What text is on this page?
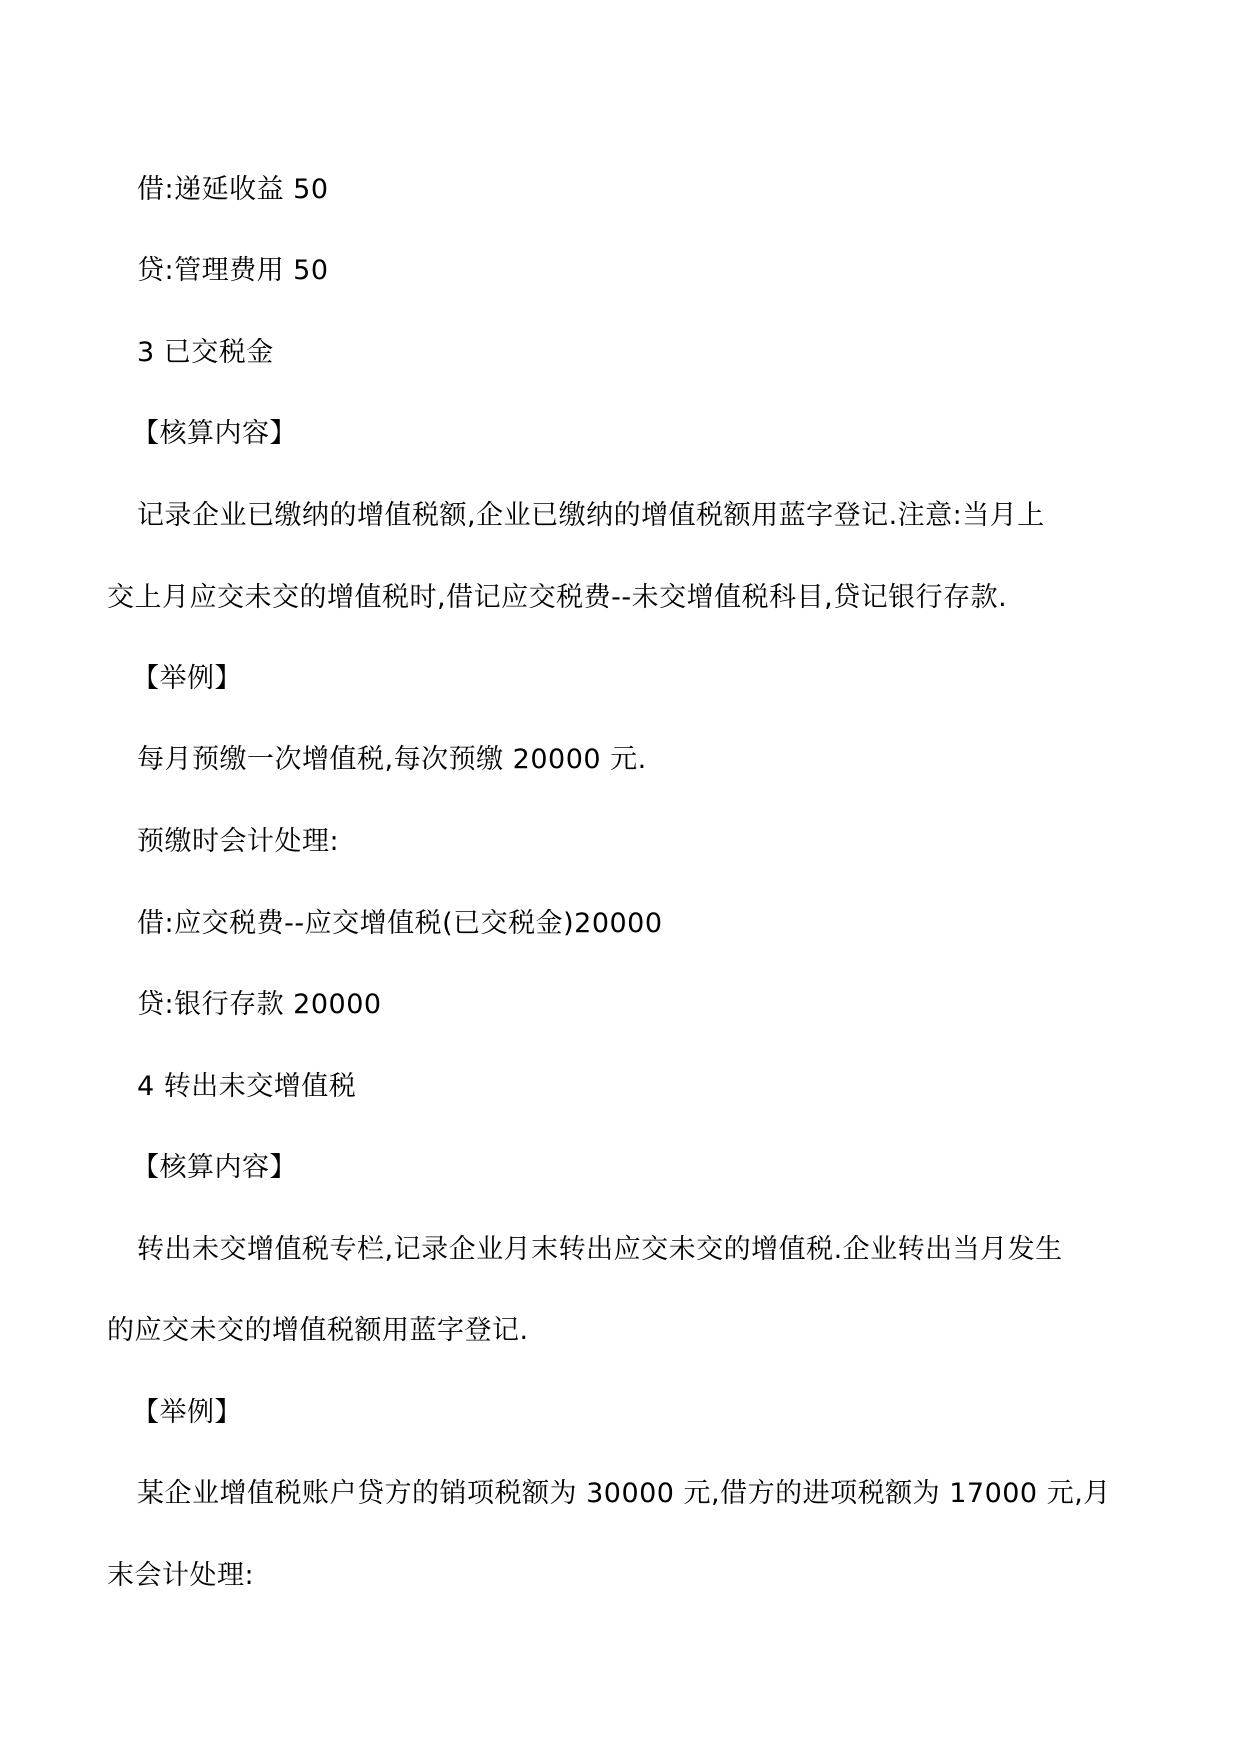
借:递延收益 50
贷:管理费用 50
3 已交税金
【核算内容】
记录企业已缴纳的增值税额,企业已缴纳的增值税额用蓝字登记.注意:当月上
交上月应交未交的增值税时,借记应交税费--未交增值税科目,贷记银行存款.
【举例】
每月预缴一次增值税,每次预缴 20000 元.
预缴时会计处理:
借:应交税费--应交增值税(已交税金)20000
贷:银行存款 20000
4 转出未交增值税
【核算内容】
转出未交增值税专栏,记录企业月末转出应交未交的增值税.企业转出当月发生
的应交未交的增值税额用蓝字登记.
【举例】
某企业增值税账户贷方的销项税额为 30000 元,借方的进项税额为 17000 元,月
末会计处理:
